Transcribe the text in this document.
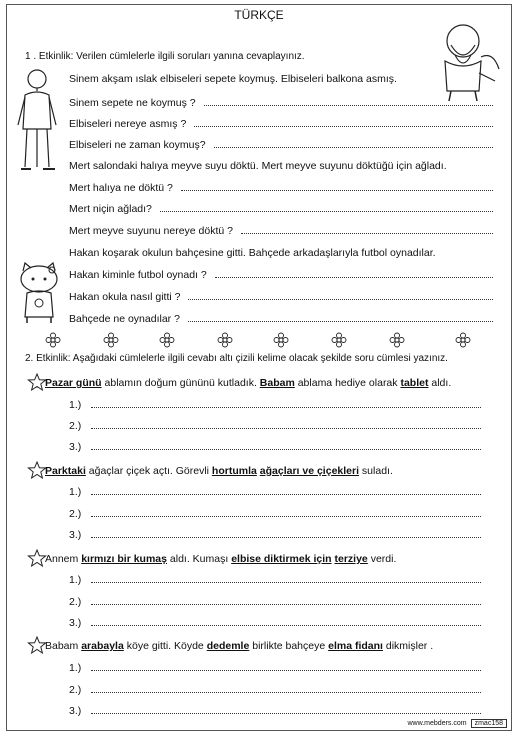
TÜRKÇE
1 . Etkinlik: Verilen cümlelerle ilgili soruları yanına cevaplayınız.
Sinem akşam ıslak elbiseleri sepete koymuş. Elbiseleri balkona asmış.
Sinem sepete ne koymuş ?
Elbiseleri nereye asmış ?
Elbiseleri ne zaman koymuş?
Mert salondaki halıya meyve suyu döktü. Mert meyve suyunu döktüğü için ağladı.
Mert halıya ne döktü ?
Mert niçin ağladı?
Mert meyve suyunu nereye döktü ?
Hakan koşarak okulun bahçesine gitti. Bahçede arkadaşlarıyla futbol oynadılar.
Hakan kiminle futbol oynadı ?
Hakan okula nasıl gitti ?
Bahçede ne oynadılar ?
2. Etkinlik: Aşağıdaki cümlelerle ilgili cevabı altı çizili kelime olacak şekilde soru cümlesi yazınız.
Pazar günü ablamın doğum gününü kutladık. Babam ablama hediye olarak tablet aldı.
1.)
2.)
3.)
Parktaki ağaçlar çiçek açtı. Görevli hortumla ağaçları ve çiçekleri suladı.
1.)
2.)
3.)
Annem kırmızı bir kumaş aldı. Kumaşı elbise diktirmek için terziye verdi.
1.)
2.)
3.)
Babam arabayla köye gitti. Köyde dedemle birlikte bahçeye elma fidanı dikmişler .
1.)
2.)
3.)
www.mebders.com	zmac158
